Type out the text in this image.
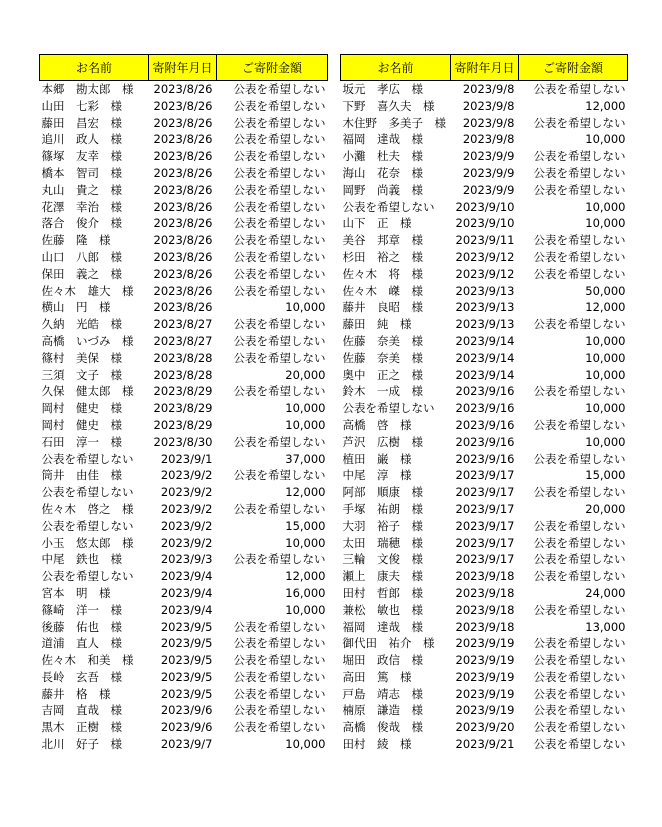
お名前	寄附年月日	ご寄附金額
本郷　勘太郎　様	2023/8/26	公表を希望しない
山田　七彩　様	2023/8/26	公表を希望しない
藤田　昌宏　様	2023/8/26	公表を希望しない
追川　政人　様	2023/8/26	公表を希望しない
篠塚　友幸　様	2023/8/26	公表を希望しない
橋本　智司　様	2023/8/26	公表を希望しない
丸山　貴之　様	2023/8/26	公表を希望しない
花澤　幸治　様	2023/8/26	公表を希望しない
落合　俊介　様	2023/8/26	公表を希望しない
佐藤　隆　様	2023/8/26	公表を希望しない
山口　八郎　様	2023/8/26	公表を希望しない
保田　義之　様	2023/8/26	公表を希望しない
佐々木　雄大　様	2023/8/26	公表を希望しない
横山　円　様	2023/8/26	10,000
久納　光皓　様	2023/8/27	公表を希望しない
高橋　いづみ　様	2023/8/27	公表を希望しない
篠村　美保　様	2023/8/28	公表を希望しない
三須　文子　様	2023/8/28	20,000
久保　健太郎　様	2023/8/29	公表を希望しない
岡村　健史　様	2023/8/29	10,000
岡村　健史　様	2023/8/29	10,000
石田　淳一　様	2023/8/30	公表を希望しない
公表を希望しない	2023/9/1	37,000
筒井　由佳　様	2023/9/2	公表を希望しない
公表を希望しない	2023/9/2	12,000
佐々木　啓之　様	2023/9/2	公表を希望しない
公表を希望しない	2023/9/2	15,000
小玉　悠太郎　様	2023/9/2	10,000
中尾　鉄也　様	2023/9/3	公表を希望しない
公表を希望しない	2023/9/4	12,000
宮本　明　様	2023/9/4	16,000
篠崎　洋一　様	2023/9/4	10,000
後藤　佑也　様	2023/9/5	公表を希望しない
道浦　直人　様	2023/9/5	公表を希望しない
佐々木　和美　様	2023/9/5	公表を希望しない
長岭　玄吾　様	2023/9/5	公表を希望しない
藤井　格　様	2023/9/5	公表を希望しない
吉岡　直哉　様	2023/9/6	公表を希望しない
黒木　正樹　様	2023/9/6	公表を希望しない
北川　好子　様	2023/9/7	10,000
お名前	寄附年月日	ご寄附金額
坂元　孝広　様	2023/9/8	公表を希望しない
下野　喜久夫　様	2023/9/8	12,000
木住野　多美子　様	2023/9/8	公表を希望しない
福岡　達哉　様	2023/9/8	10,000
小灘　杜夫　様	2023/9/9	公表を希望しない
海山　花奈　様	2023/9/9	公表を希望しない
岡野　尚義　様	2023/9/9	公表を希望しない
公表を希望しない	2023/9/10	10,000
山下　正　様	2023/9/10	10,000
美谷　邦章　様	2023/9/11	公表を希望しない
杉田　裕之　様	2023/9/12	公表を希望しない
佐々木　将　様	2023/9/12	公表を希望しない
佐々木　嵥　様	2023/9/13	50,000
藤井　良昭　様	2023/9/13	12,000
藤田　純　様	2023/9/13	公表を希望しない
佐藤　奈美　様	2023/9/14	10,000
佐藤　奈美　様	2023/9/14	10,000
奥中　正之　様	2023/9/14	10,000
鈴木　一成　様	2023/9/16	公表を希望しない
公表を希望しない	2023/9/16	10,000
高橋　啓　様	2023/9/16	公表を希望しない
芦沢　広樹　様	2023/9/16	10,000
植田　巌　様	2023/9/16	公表を希望しない
中尾　淳　様	2023/9/17	15,000
阿部　順康　様	2023/9/17	公表を希望しない
手塚　祐朗　様	2023/9/17	20,000
大羽　裕子　様	2023/9/17	公表を希望しない
太田　瑞穂　様	2023/9/17	公表を希望しない
三輪　文俊　様	2023/9/17	公表を希望しない
瀬上　康夫　様	2023/9/18	公表を希望しない
田村　哲郎　様	2023/9/18	24,000
兼松　敏也　様	2023/9/18	公表を希望しない
福岡　達哉　様	2023/9/18	13,000
御代田　祐介　様	2023/9/19	公表を希望しない
堀田　政信　様	2023/9/19	公表を希望しない
高田　篤　様	2023/9/19	公表を希望しない
戸島　靖志　様	2023/9/19	公表を希望しない
楠原　謙造　様	2023/9/19	公表を希望しない
高橋　俊哉　様	2023/9/20	公表を希望しない
田村　綾　様	2023/9/21	公表を希望しない
